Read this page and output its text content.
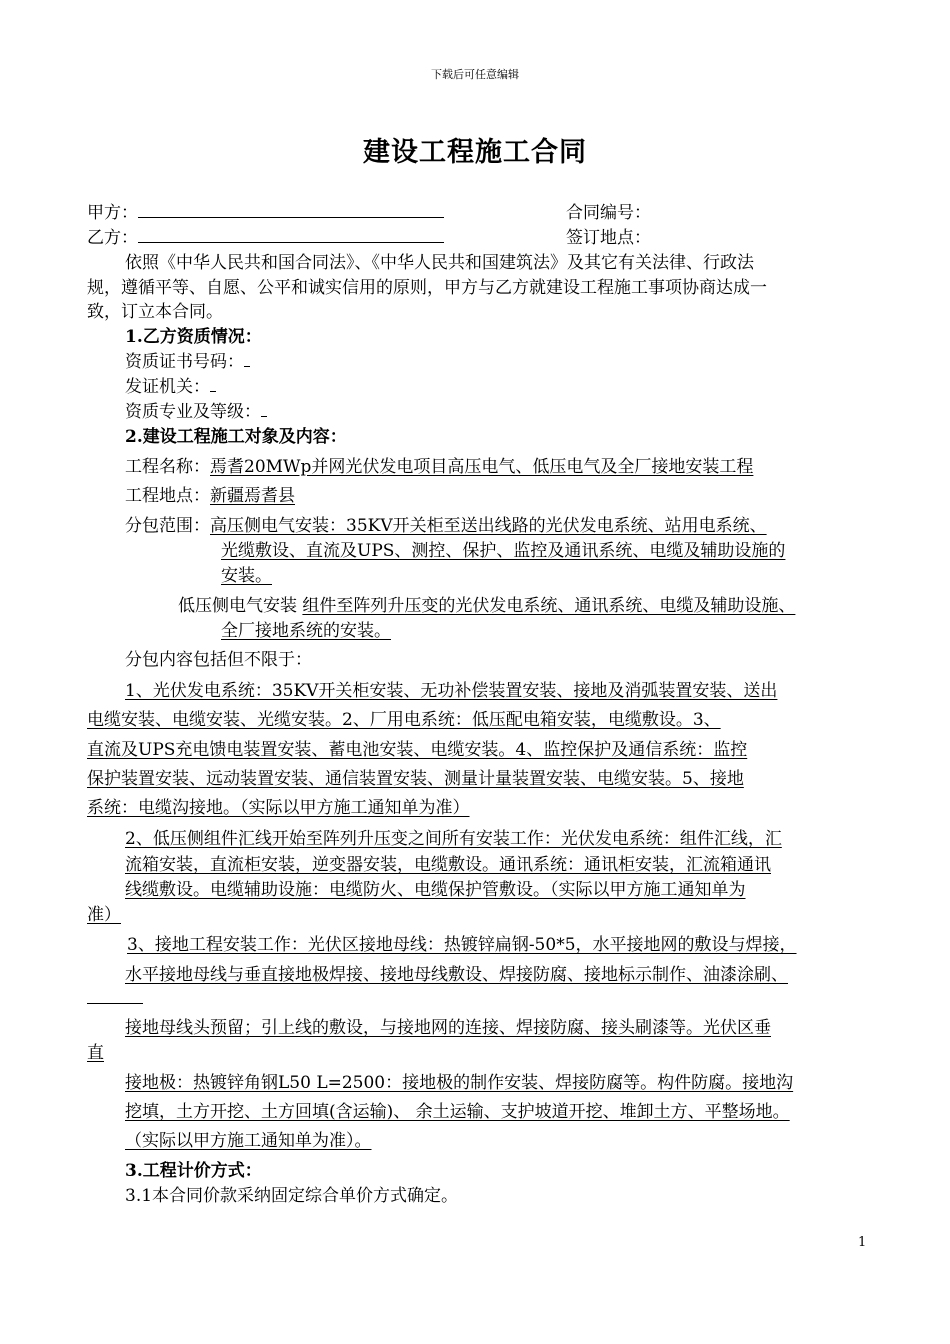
下载后可任意编辑
建设工程施工合同
甲方：	合同编号：
乙方：	签订地点：
依照《中华人民共和国合同法》、《中华人民共和国建筑法》及其它有关法律、行政法
规，遵循平等、自愿、公平和诚实信用的原则，甲方与乙方就建设工程施工事项协商达成一
致，订立本合同。
1.乙方资质情况：
资质证书号码：
发证机关：
资质专业及等级：
2.建设工程施工对象及内容：
工程名称：焉耆20MWp并网光伏发电项目高压电气、低压电气及全厂接地安装工程
工程地点：新疆焉耆县
分包范围：高压侧电气安装：35KV开关柜至送出线路的光伏发电系统、站用电系统、
光缆敷设、直流及UPS、测控、保护、监控及通讯系统、电缆及辅助设施的
安装。
低压侧电气安装 组件至阵列升压变的光伏发电系统、通讯系统、电缆及辅助设施、
全厂接地系统的安装。
分包内容包括但不限于：
1、光伏发电系统：35KV开关柜安装、无功补偿装置安装、接地及消弧装置安装、送出
电缆安装、电缆安装、光缆安装。2、厂用电系统：低压配电箱安装，电缆敷设。3、
直流及UPS充电馈电装置安装、蓄电池安装、电缆安装。4、监控保护及通信系统：监控
保护装置安装、远动装置安装、通信装置安装、测量计量装置安装、电缆安装。5、接地
系统：电缆沟接地。（实际以甲方施工通知单为准）
2、低压侧组件汇线开始至阵列升压变之间所有安装工作：光伏发电系统：组件汇线，汇
流箱安装，直流柜安装，逆变器安装，电缆敷设。通讯系统：通讯柜安装，汇流箱通讯
线缆敷设。电缆辅助设施：电缆防火、电缆保护管敷设。（实际以甲方施工通知单为
准）
3、接地工程安装工作：光伏区接地母线：热镀锌扁钢-50*5，水平接地网的敷设与焊接，
水平接地母线与垂直接地极焊接、接地母线敷设、焊接防腐、接地标示制作、油漆涂刷、
接地母线头预留；引上线的敷设，与接地网的连接、焊接防腐、接头刷漆等。光伏区垂
直
接地极：热镀锌角钢L50 L=2500：接地极的制作安装、焊接防腐等。构件防腐。接地沟
挖填，土方开挖、土方回填(含运输)、 余土运输、支护坡道开挖、堆卸土方、平整场地。
（实际以甲方施工通知单为准）。
3.工程计价方式：
3.1本合同价款采纳固定综合单价方式确定。
1
